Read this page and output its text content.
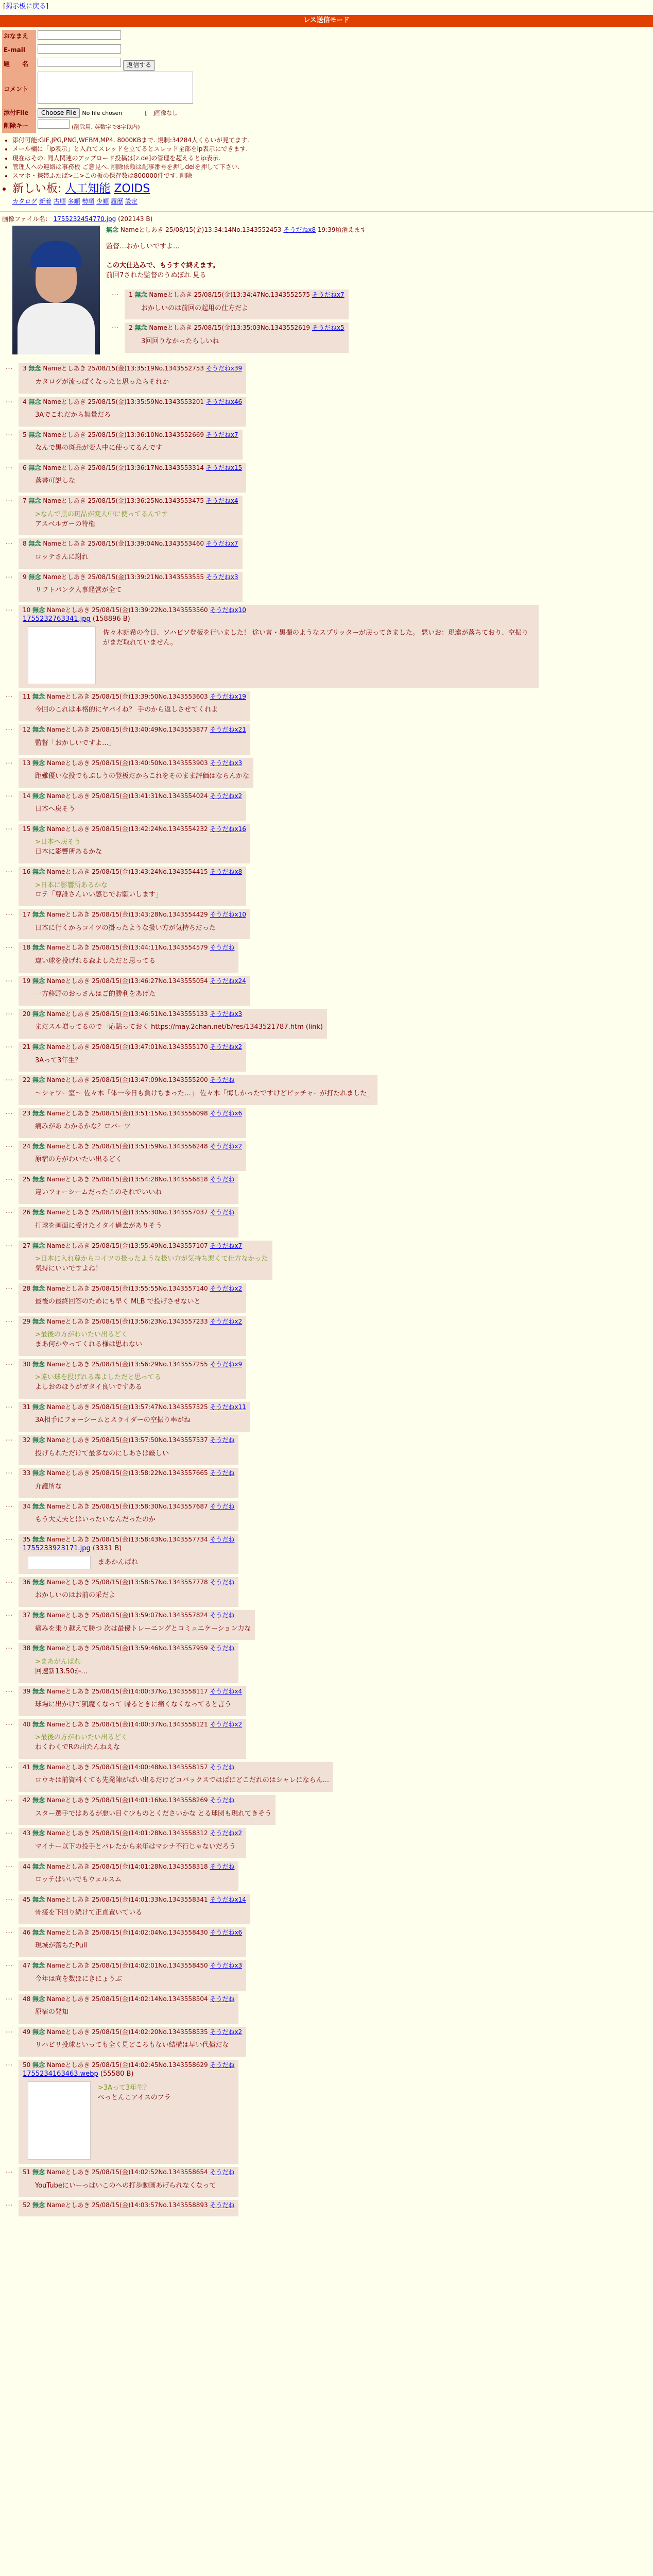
[掲示板に戻る]
レス送信モード
おなまえ	
E-mail	
題　　名	返信する
コメント	
添付File	Choose File No file chosen [　]画像なし
削除キー	(削除用. 英数字で8字以内)
• 添付可能:GIF,JPG,PNG,WEBM,MP4. 8000KBまで. 規制:34284人くらいが見てます.
• メール欄に「ip表示」と入れてスレッドを立てるとスレッド全部をip表示にできます.
• 現在はその. 同人関連のアップロード投稿は[z.de]の管理を超えるとip表示.
• 管理人への連絡は事務板 ご意見へ. 削除依頼は記事番号を押しdelを押して下さい.
• スマホ・携帯ふたば>二>この板の保存数は800000件です. 削除
• 新しい板: 人工知能 ZOIDS
カタログ 新着 古順 多順 勢順 少順 履歴 設定
画像ファイル名： 1755232454770.jpg (202143 B)
無念 Nameとしあき 25/08/15(金)13:34:14No.1343552453 そうだねx8 19:39頃消えます
監督…おかしいですよ…

この大仕込みで、もうすぐ終えます。
前回7された監督のうぬぼれ 見る
… 1 無念 Nameとしあき 25/08/15(金)13:34:47No.1343552575 そうだねx7
おかしいのは前回の起用の仕方だよ
… 2 無念 Nameとしあき 25/08/15(金)13:35:03No.1343552619 そうだねx5
3回回りなかったらしいね
… 3 無念 Nameとしあき 25/08/15(金)13:35:19No.1343552753 そうだねx39
カタログが流っぽくなったと思ったらそれか
… 4 無念 Nameとしあき 25/08/15(金)13:35:59No.1343553201 そうだねx46
3Aでこれだから無量だろ
… 5 無念 Nameとしあき 25/08/15(金)13:36:10No.1343552669 そうだねx7
なんで黒の斑品が変人中に使ってるんです
… 6 無念 Nameとしあき 25/08/15(金)13:36:17No.1343553314 そうだねx15
落書可説しな
… 7 無念 Nameとしあき 25/08/15(金)13:36:25No.1343553475 そうだねx4
>なんで黒の斑品が変人中に使ってるんです
アスベルガーの特権
… 8 無念 Nameとしあき 25/08/15(金)13:39:04No.1343553460 そうだねx7
ロッテさんに謝れ
… 9 無念 Nameとしあき 25/08/15(金)13:39:21No.1343553555 そうだねx3
リフトバンク人事経営が全て
… 10 無念 Nameとしあき 25/08/15(金)13:39:22No.1343553560 そうだねx10
1755232763341.jpg (158896 B)
佐々木朗希の今日、ソハビソ登板を行いました！ 途い言・黒撮のようなスプリッターが戻ってきました。 悪いお：現違が落ちており、空振りがまだ取れていません。
… 11 無念 Nameとしあき 25/08/15(金)13:39:50No.1343553603 そうだねx19
今回のこれは本格的にヤバイね？ 手のから返しさせてくれよ
… 12 無念 Nameとしあき 25/08/15(金)13:40:49No.1343553877 そうだねx21
監督「おかしいですよ…」
… 13 無念 Nameとしあき 25/08/15(金)13:40:50No.1343553903 そうだねx3
距難優いな投でもぷしうの登板だからこれをそのまま評価はならんかな
… 14 無念 Nameとしあき 25/08/15(金)13:41:31No.1343554024 そうだねx2
日本へ戻そう
… 15 無念 Nameとしあき 25/08/15(金)13:42:24No.1343554232 そうだねx16
>日本へ戻そう
日本に影響所あるかな
… 16 無念 Nameとしあき 25/08/15(金)13:43:24No.1343554415 そうだねx8
>日本に影響所あるかな
ロテ「尊誰さんいい感じでお願いします」
… 17 無念 Nameとしあき 25/08/15(金)13:43:28No.1343554429 そうだねx10
日本に行くからコイツの掛ったような扱い方が気持ちだった
… 18 無念 Nameとしあき 25/08/15(金)13:44:11No.1343554579 そうだね
違い球を投げれる森よしただと思ってる
… 19 無念 Nameとしあき 25/08/15(金)13:46:27No.1343555054 そうだねx24
一方移野のおっさんはご的勝利をあげた
… 20 無念 Nameとしあき 25/08/15(金)13:46:51No.1343555133 そうだねx3
まだスル増ってるので一応貼っておく https://may.2chan.net/b/res/1343521787.htm (link)
… 21 無念 Nameとしあき 25/08/15(金)13:47:01No.1343555170 そうだねx2
3Aって3年生？
… 22 無念 Nameとしあき 25/08/15(金)13:47:09No.1343555200 そうだね
～シャワー室～ 佐々木「体一今日も負けちまった…」 佐々木「悔しかったですけどピッチャーが打たれました」
… 23 無念 Nameとしあき 25/08/15(金)13:51:15No.1343556098 そうだねx6
痛みがあ わかるかな？ロバーツ
… 24 無念 Nameとしあき 25/08/15(金)13:51:59No.1343556248 そうだねx2
原宿の方がわいたい出るどく
… 25 無念 Nameとしあき 25/08/15(金)13:54:28No.1343556818 そうだね
違いフォーシームだったこのそれでいいね
… 26 無念 Nameとしあき 25/08/15(金)13:55:30No.1343557037 そうだね
打球を画面に受けたイタイ過去がありそう
… 27 無念 Nameとしあき 25/08/15(金)13:55:49No.1343557107 そうだねx7
>日本に入れ尊からコイツの扱ったような扱い方が気持ち悪くて仕方なかった
気持にいいですよね！
… 28 無念 Nameとしあき 25/08/15(金)13:55:55No.1343557140 そうだねx2
最後の最終回答のためにも早く MLB で投げさせないと
… 29 無念 Nameとしあき 25/08/15(金)13:56:23No.1343557233 そうだねx2
>最後の方がわいたい出るどく
まあ何かやってくれる様は思わない
… 30 無念 Nameとしあき 25/08/15(金)13:56:29No.1343557255 そうだねx9
>違い球を投げれる森よしただと思ってる
よしおのほうがガタイ良いですある
… 31 無念 Nameとしあき 25/08/15(金)13:57:47No.1343557525 そうだねx11
3A相手にフォーシームとスライダーの空振り率がね
… 32 無念 Nameとしあき 25/08/15(金)13:57:50No.1343557537 そうだね
投げられただけて最多なのにしあさは厳しい
… 33 無念 Nameとしあき 25/08/15(金)13:58:22No.1343557665 そうだね
介護所な
… 34 無念 Nameとしあき 25/08/15(金)13:58:30No.1343557687 そうだね
もう大丈夫とはいったいなんだったのか
… 35 無念 Nameとしあき 25/08/15(金)13:58:43No.1343557734 そうだね
1755233923171.jpg (3331 B)
まあかんばれ
… 36 無念 Nameとしあき 25/08/15(金)13:58:57No.1343557778 そうだね
おかしいのはお前の采だよ
… 37 無念 Nameとしあき 25/08/15(金)13:59:07No.1343557824 そうだね
痛みを乗り越えて勝つ 次は最優トレーニングとコミュニケーション力な
… 38 無念 Nameとしあき 25/08/15(金)13:59:46No.1343557959 そうだね
>まあがんばれ
回速新13.50か…
… 39 無念 Nameとしあき 25/08/15(金)14:00:37No.1343558117 そうだねx4
球場に出かけて凱魔くなって 帰るときに痛くなくなってると言う
… 40 無念 Nameとしあき 25/08/15(金)14:00:37No.1343558121 そうだねx2
>最後の方がわいたい出るどく
わくわくでRの出たんねえな
… 41 無念 Nameとしあき 25/08/15(金)14:00:48No.1343558157 そうだね
ロウキは前資料くても先発陣がぱい出るだけどコバックスではばにどこだれのはシャレにならん...
… 42 無念 Nameとしあき 25/08/15(金)14:01:16No.1343558269 そうだね
スター選手ではあるが悪い目ぐ少ものとくださいかな とる球団も現れてきそう
… 43 無念 Nameとしあき 25/08/15(金)14:01:28No.1343558312 そうだねx2
マイナー以下の投手とバレたから来年はマシナ不行じゃないだろう
… 44 無念 Nameとしあき 25/08/15(金)14:01:28No.1343558318 そうだね
ロッテはいいでもウェルスム
… 45 無念 Nameとしあき 25/08/15(金)14:01:33No.1343558341 そうだねx14
骨接を下回り続けて正直置いている
… 46 無念 Nameとしあき 25/08/15(金)14:02:04No.1343558430 そうだねx6
現城が落ちたPull
… 47 無念 Nameとしあき 25/08/15(金)14:02:01No.1343558450 そうだねx3
今年は向を数ほにきにょうぶ
… 48 無念 Nameとしあき 25/08/15(金)14:02:14No.1343558504 そうだね
原宿の発知
… 49 無念 Nameとしあき 25/08/15(金)14:02:20No.1343558535 そうだねx2
リハビリ投球といっても全く見どころもない結構は早い代償だな
… 50 無念 Nameとしあき 25/08/15(金)14:02:45No.1343558629 そうだね
1755234163463.webp (55580 B)
>3Aって3年生？
ぺっとんこアイスのプラ
… 51 無念 Nameとしあき 25/08/15(金)14:02:52No.1343558654 そうだね
YouTubeにいーっぱいこのへの打歩動画あげられなくなって
… 52 無念 Nameとしあき 25/08/15(金)14:03:57No.1343558893 そうだね
